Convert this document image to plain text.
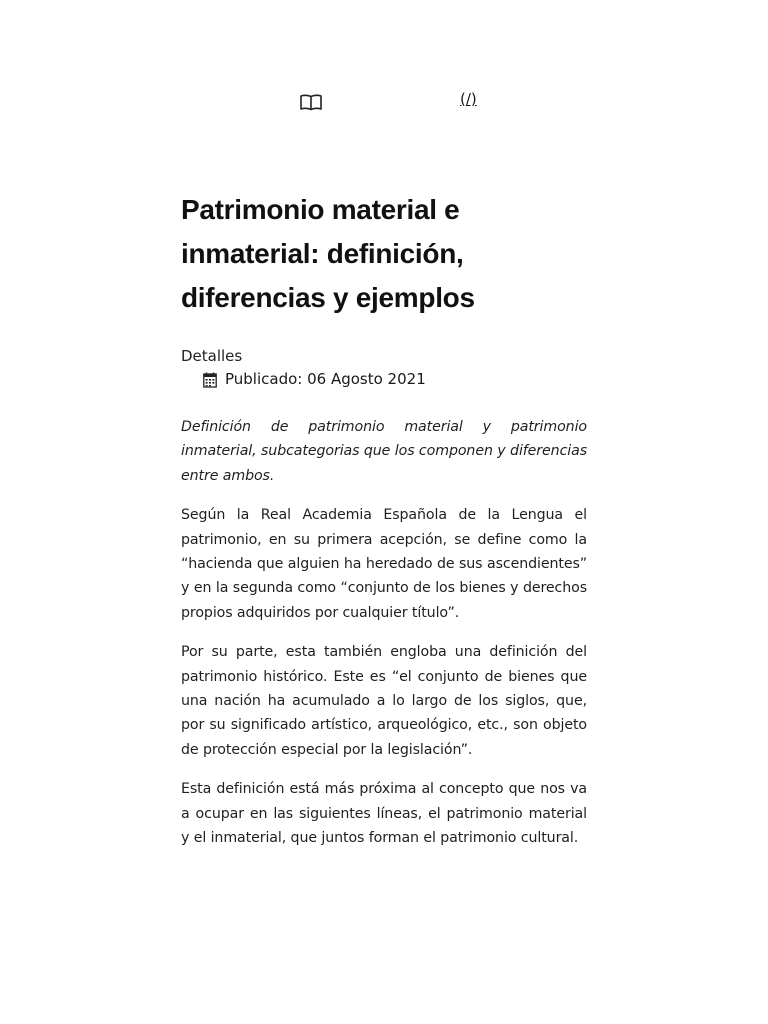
(/)
Patrimonio material e inmaterial: definición, diferencias y ejemplos
Detalles
Publicado: 06 Agosto 2021

Definición de patrimonio material y patrimonio inmaterial, subcategorias que los componen y diferencias entre ambos.

Según la Real Academia Española de la Lengua el patrimonio, en su primera acepción, se define como la “hacienda que alguien ha heredado de sus ascendientes” y en la segunda como “conjunto de los bienes y derechos propios adquiridos por cualquier título”.

Por su parte, esta también engloba una definición del patrimonio histórico. Este es “el conjunto de bienes que una nación ha acumulado a lo largo de los siglos, que, por su significado artístico, arqueológico, etc., son objeto de protección especial por la legislación”.

Esta definición está más próxima al concepto que nos va a ocupar en las siguientes líneas, el patrimonio material y el inmaterial, que juntos forman el patrimonio cultural.
